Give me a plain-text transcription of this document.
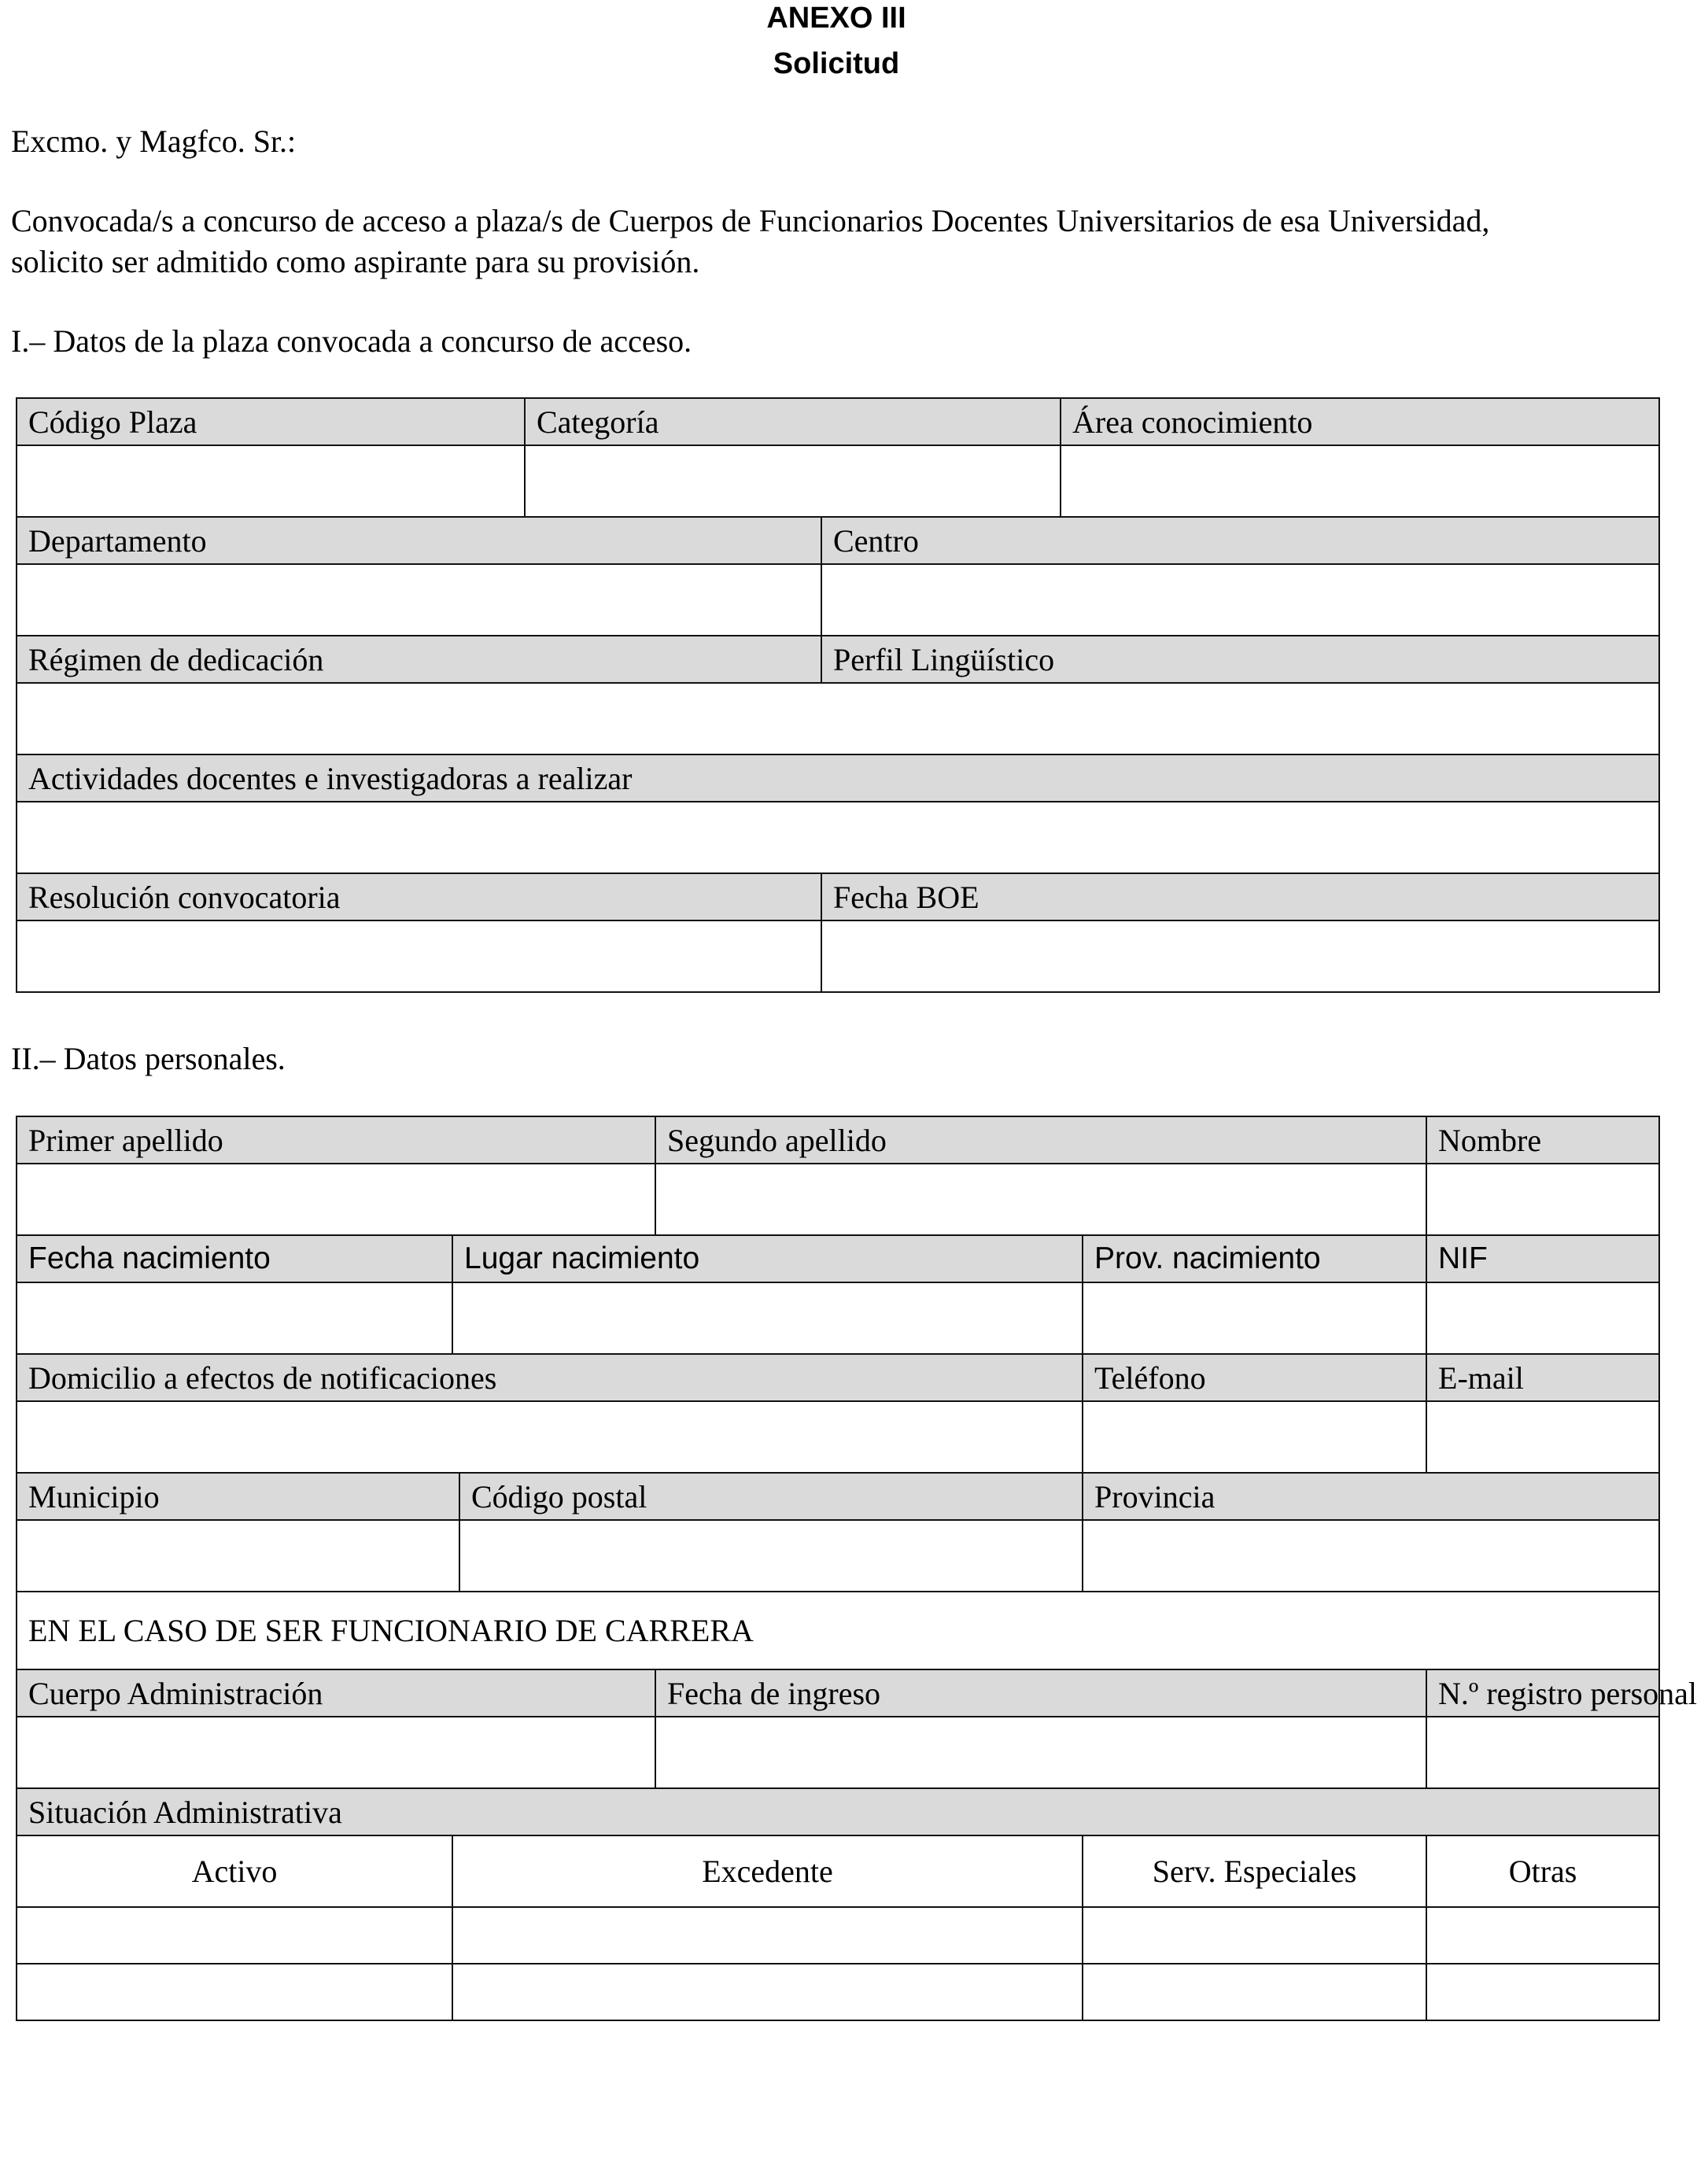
ANEXO III
Solicitud
Excmo. y Magfco. Sr.:
Convocada/s a concurso de acceso a plaza/s de Cuerpos de Funcionarios Docentes Universitarios de esa Universidad,
solicito ser admitido como aspirante para su provisión.
I.– Datos de la plaza convocada a concurso de acceso.
Código Plaza	Categoría		Área conocimiento

Departamento		Centro	

Régimen de dedicación		Perfil Lingüístico	

Actividades docentes e investigadoras a realizar			

Resolución convocatoria		Fecha BOE	

II.– Datos personales.
Primer apellido			Segundo apellido		Nombre

Fecha nacimiento	Lugar nacimiento			Prov. nacimiento	NIF

Domicilio a efectos de notificaciones				Teléfono	E-mail

Municipio		Código postal		Provincia	

EN EL CASO DE SER FUNCIONARIO DE CARRERA					
Cuerpo Administración			Fecha de ingreso		N.º registro personal

Situación Administrativa					
Activo	Excedente			Serv. Especiales	Otras
